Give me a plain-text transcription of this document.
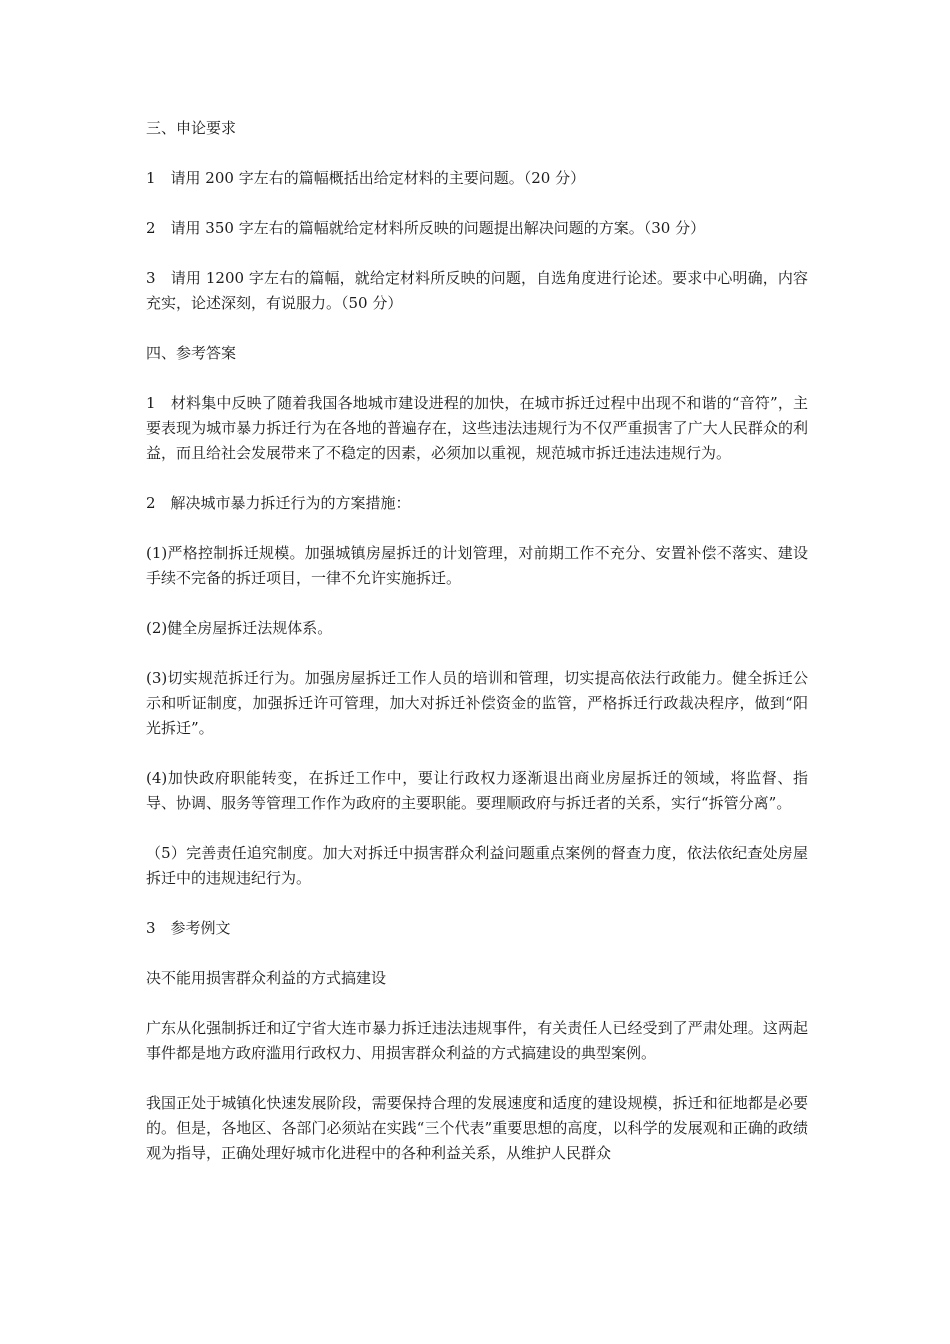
三、申论要求

1　请用 200 字左右的篇幅概括出给定材料的主要问题。（20 分）

2　请用 350 字左右的篇幅就给定材料所反映的问题提出解决问题的方案。（30 分）

3　请用 1200 字左右的篇幅，就给定材料所反映的问题，自选角度进行论述。要求中心明确，内容充实，论述深刻，有说服力。（50 分）

四、参考答案

1　材料集中反映了随着我国各地城市建设进程的加快，在城市拆迁过程中出现不和谐的“音符”，主要表现为城市暴力拆迁行为在各地的普遍存在，这些违法违规行为不仅严重损害了广大人民群众的利益，而且给社会发展带来了不稳定的因素，必须加以重视，规范城市拆迁违法违规行为。

2　解决城市暴力拆迁行为的方案措施：

(1)严格控制拆迁规模。加强城镇房屋拆迁的计划管理，对前期工作不充分、安置补偿不落实、建设手续不完备的拆迁项目，一律不允许实施拆迁。

(2)健全房屋拆迁法规体系。

(3)切实规范拆迁行为。加强房屋拆迁工作人员的培训和管理，切实提高依法行政能力。健全拆迁公示和听证制度，加强拆迁许可管理，加大对拆迁补偿资金的监管，严格拆迁行政裁决程序，做到“阳光拆迁”。

(4)加快政府职能转变，在拆迁工作中，要让行政权力逐渐退出商业房屋拆迁的领域，将监督、指导、协调、服务等管理工作作为政府的主要职能。要理顺政府与拆迁者的关系，实行“拆管分离”。

（5）完善责任追究制度。加大对拆迁中损害群众利益问题重点案例的督查力度，依法依纪查处房屋拆迁中的违规违纪行为。

3　参考例文

决不能用损害群众利益的方式搞建设

广东从化强制拆迁和辽宁省大连市暴力拆迁违法违规事件，有关责任人已经受到了严肃处理。这两起事件都是地方政府滥用行政权力、用损害群众利益的方式搞建设的典型案例。

我国正处于城镇化快速发展阶段，需要保持合理的发展速度和适度的建设规模，拆迁和征地都是必要的。但是，各地区、各部门必须站在实践“三个代表”重要思想的高度，以科学的发展观和正确的政绩观为指导，正确处理好城市化进程中的各种利益关系，从维护人民群众
